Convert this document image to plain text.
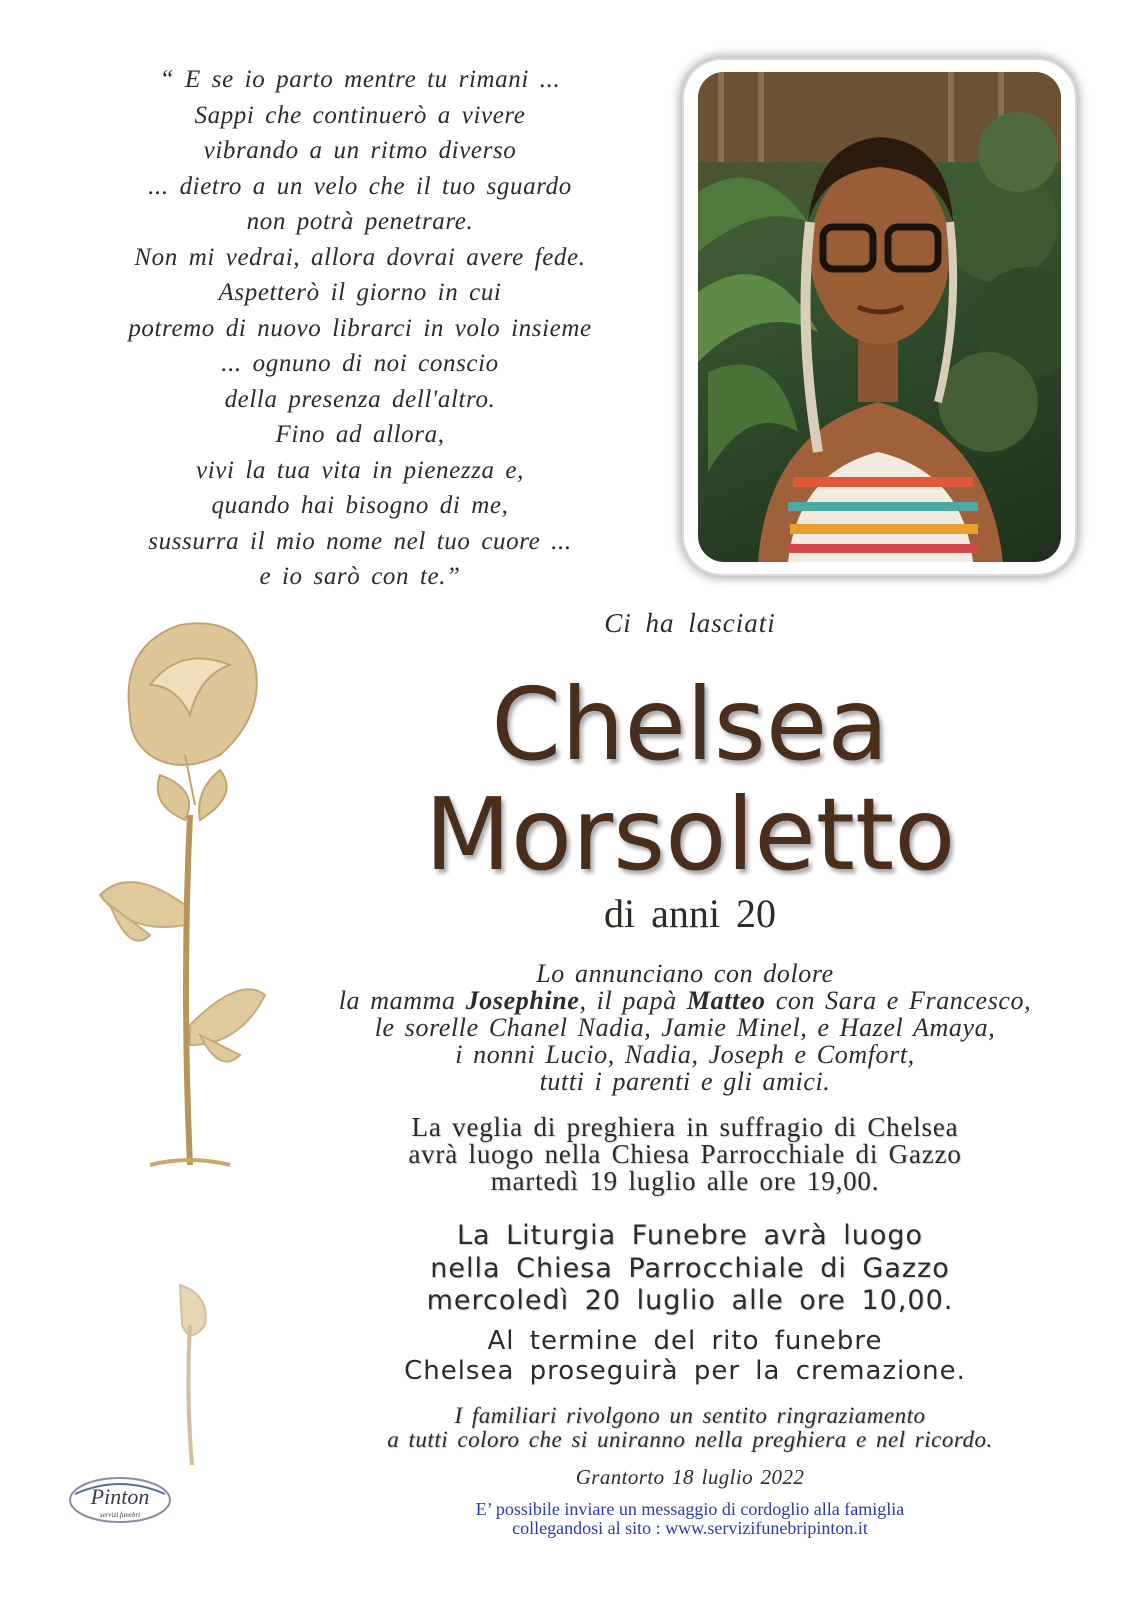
“ E se io parto mentre tu rimani ...
Sappi che continuerò a vivere
vibrando a un ritmo diverso
... dietro a un velo che il tuo sguardo
non potrà penetrare.
Non mi vedrai, allora dovrai avere fede.
Aspetterò il giorno in cui
potremo di nuovo librarci in volo insieme
... ognuno di noi conscio
della presenza dell'altro.
Fino ad allora,
vivi la tua vita in pienezza e,
quando hai bisogno di me,
sussurra il mio nome nel tuo cuore ...
e io sarò con te.”
Ci ha lasciati
Chelsea
Morsoletto
di anni 20
Lo annunciano con dolore
la mamma Josephine, il papà Matteo con Sara e Francesco,
le sorelle Chanel Nadia, Jamie Minel, e Hazel Amaya,
i nonni Lucio, Nadia, Joseph e Comfort,
tutti i parenti e gli amici.
La veglia di preghiera in suffragio di Chelsea
avrà luogo nella Chiesa Parrocchiale di Gazzo
martedì 19 luglio alle ore 19,00.
La Liturgia Funebre avrà luogo
nella Chiesa Parrocchiale di Gazzo
mercoledì 20 luglio alle ore 10,00.
Al termine del rito funebre
Chelsea proseguirà per la cremazione.
I familiari rivolgono un sentito ringraziamento
a tutti coloro che si uniranno nella preghiera e nel ricordo.
Grantorto 18 luglio 2022
E’ possibile inviare un messaggio di cordoglio alla famiglia
collegandosi al sito : www.servizifunebripinton.it
Pinton
servizi funebri
